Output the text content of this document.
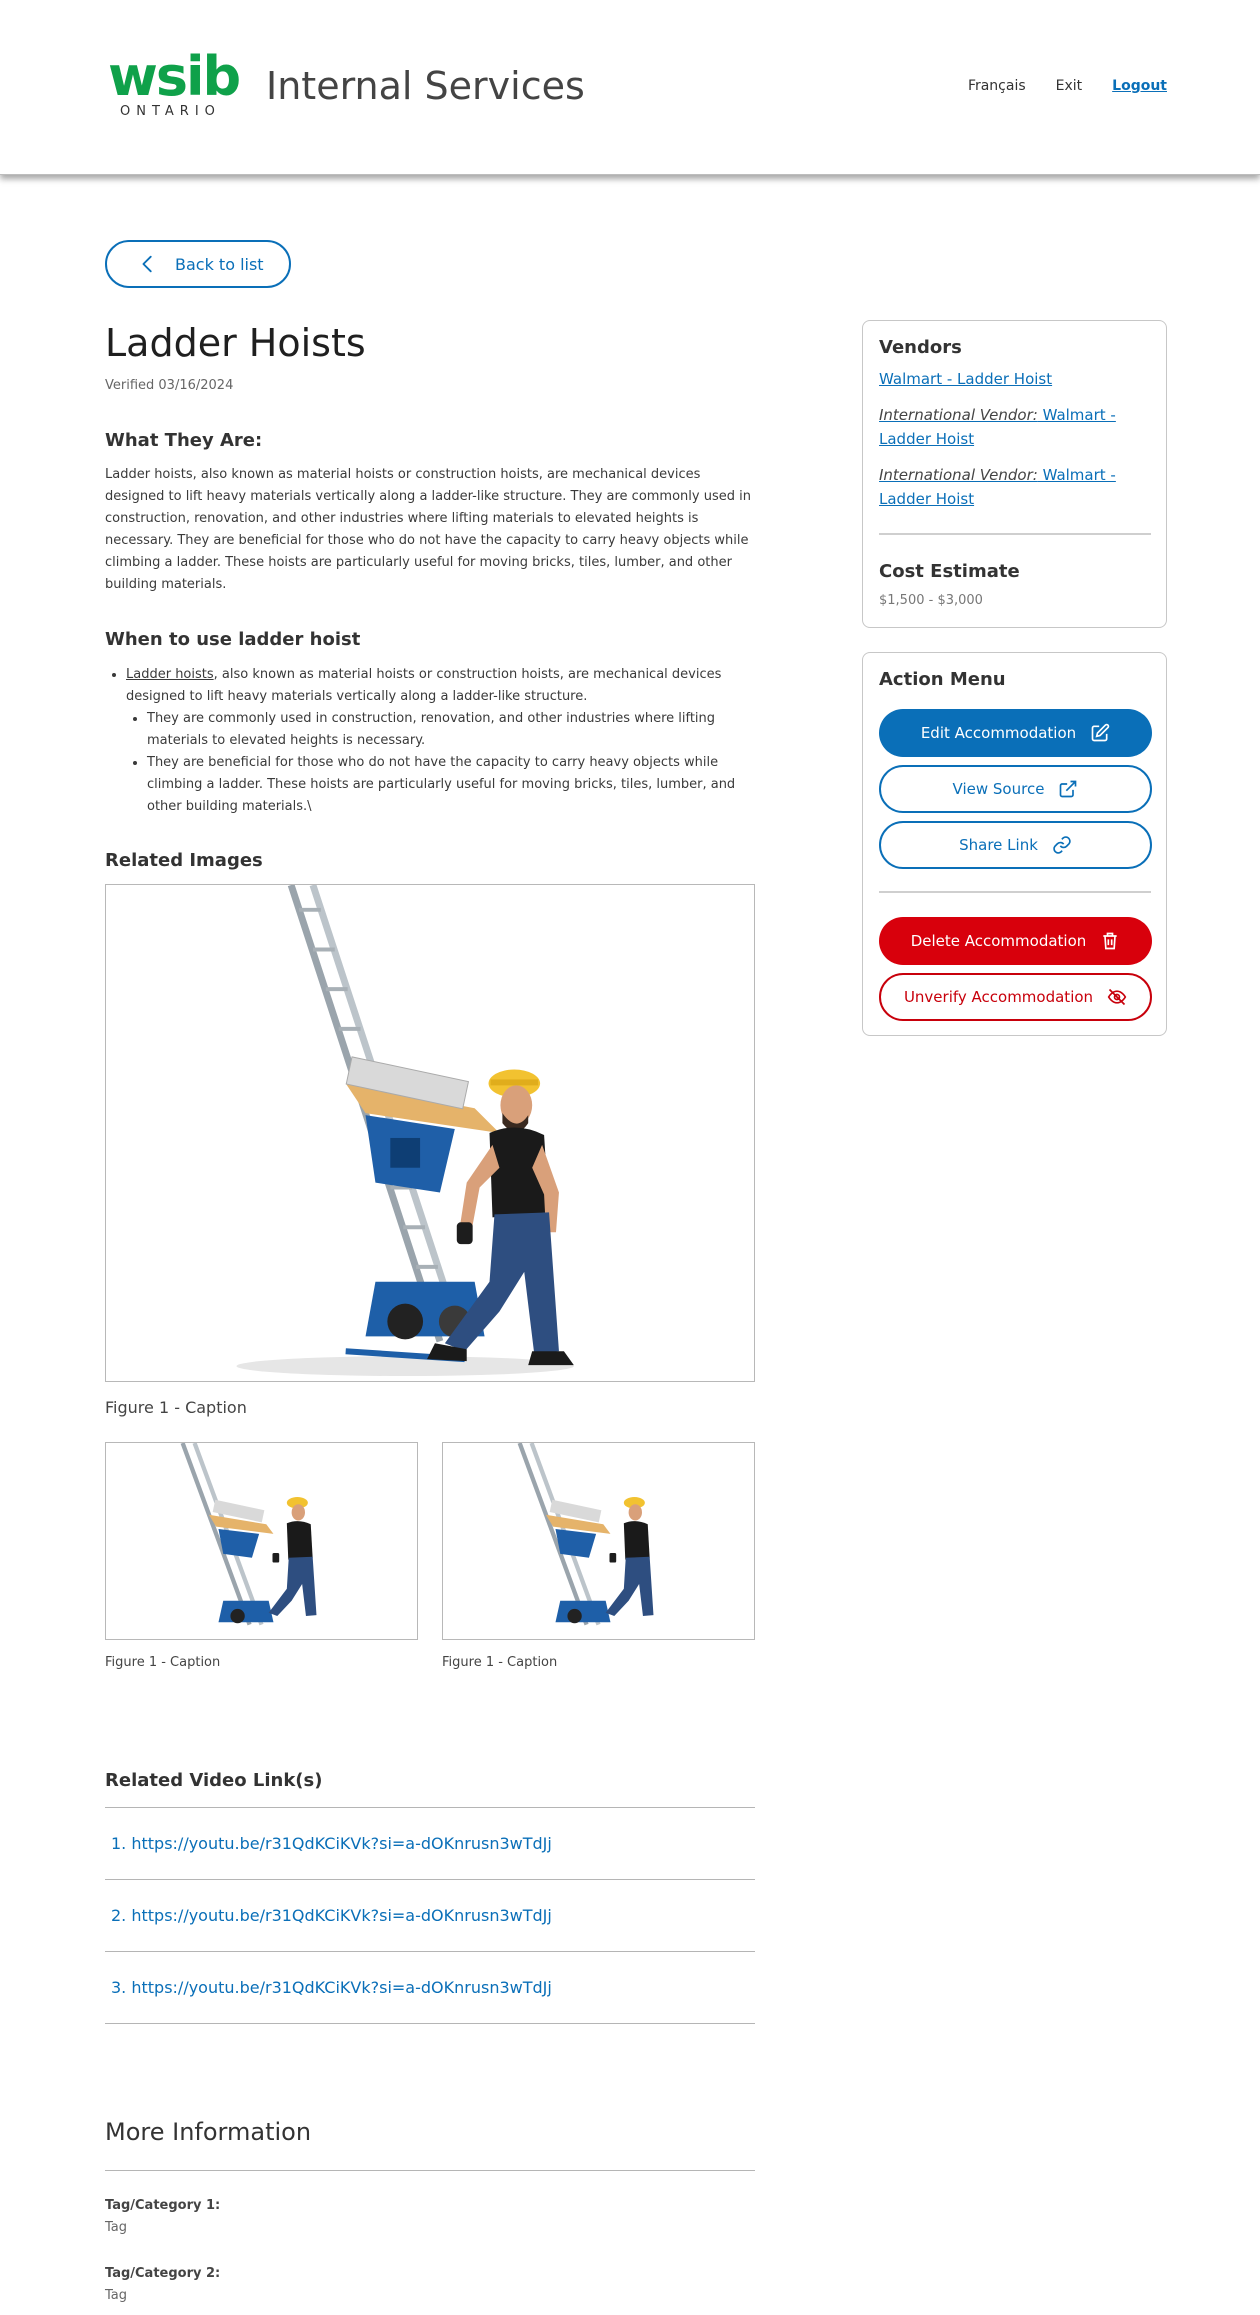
wsib
ONTARIO
Internal Services	Français Exit Logout
Back to list
Ladder Hoists
Verified 03/16/2024
What They Are:

Ladder hoists, also known as material hoists or construction hoists, are mechanical devices designed to lift heavy materials vertically along a ladder-like structure. They are commonly used in construction, renovation, and other industries where lifting materials to elevated heights is necessary. They are beneficial for those who do not have the capacity to carry heavy objects while climbing a ladder. These hoists are particularly useful for moving bricks, tiles, lumber, and other building materials.

When to use ladder hoist
• Ladder hoists, also known as material hoists or construction hoists, are mechanical devices designed to lift heavy materials vertically along a ladder-like structure.
• They are commonly used in construction, renovation, and other industries where lifting materials to elevated heights is necessary.
• They are beneficial for those who do not have the capacity to carry heavy objects while climbing a ladder. These hoists are particularly useful for moving bricks, tiles, lumber, and other building materials.\
Related Images
Figure 1 - Caption
Figure 1 - Caption	Figure 1 - Caption
Related Video Link(s)
1. https://youtu.be/r31QdKCiKVk?si=a-dOKnrusn3wTdJj
2. https://youtu.be/r31QdKCiKVk?si=a-dOKnrusn3wTdJj
3. https://youtu.be/r31QdKCiKVk?si=a-dOKnrusn3wTdJj
More Information
Tag/Category 1:
Tag
Tag/Category 2:
Tag
Vendors
Walmart - Ladder Hoist
International Vendor: Walmart - Ladder Hoist
International Vendor: Walmart - Ladder Hoist
Cost Estimate
$1,500 - $3,000
Action Menu
Edit Accommodation
View Source
Share Link
Delete Accommodation
Unverify Accommodation
